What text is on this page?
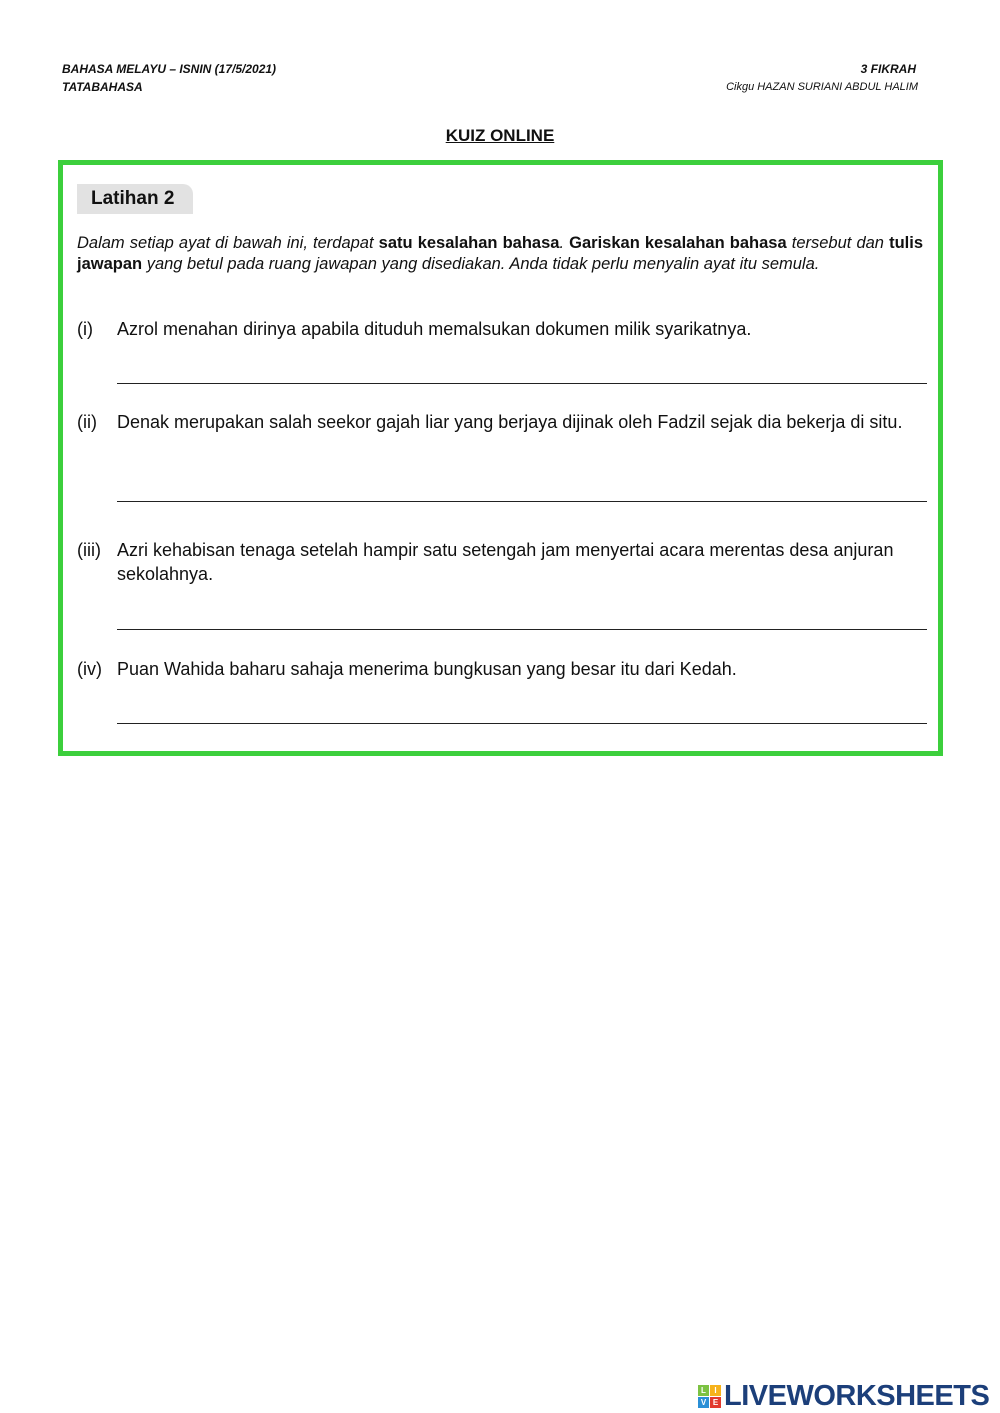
BAHASA MELAYU – ISNIN (17/5/2021)
TATABAHASA
3 FIKRAH
Cikgu HAZAN SURIANI ABDUL HALIM
KUIZ ONLINE
Latihan 2
Dalam setiap ayat di bawah ini, terdapat satu kesalahan bahasa. Gariskan kesalahan bahasa tersebut dan tulis jawapan yang betul pada ruang jawapan yang disediakan. Anda tidak perlu menyalin ayat itu semula.
(i)	Azrol menahan dirinya apabila dituduh memalsukan dokumen milik syarikatnya.
(ii)	Denak merupakan salah seekor gajah liar yang berjaya dijinak oleh Fadzil sejak dia bekerja di situ.
(iii) Azri kehabisan tenaga setelah hampir satu setengah jam menyertai acara merentas desa anjuran sekolahnya.
(iv) Puan Wahida baharu sahaja menerima bungkusan yang besar itu dari Kedah.
L	I
V E LIVEWORKSHEETS
